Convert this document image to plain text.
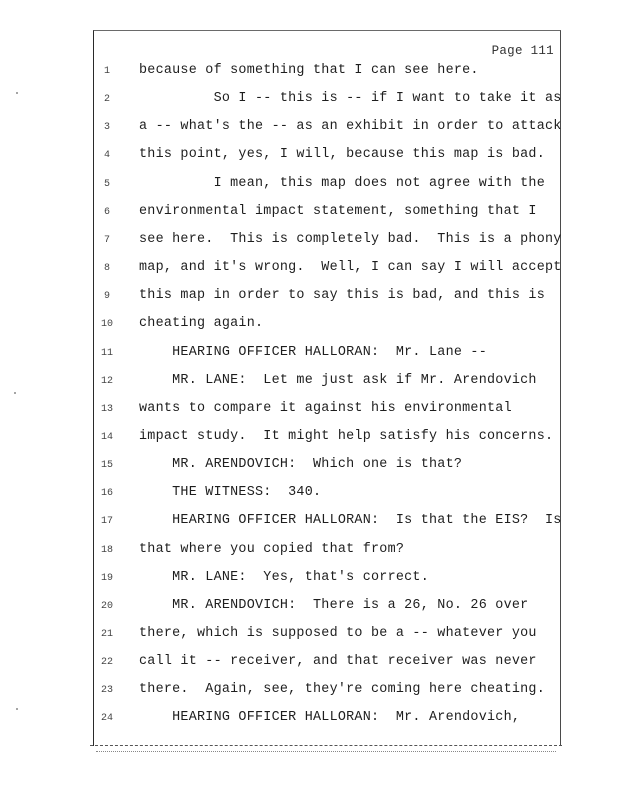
Page 111
1	because of something that I can see here.
2	So I -- this is -- if I want to take it as
3	a -- what's the -- as an exhibit in order to attack
4	this point, yes, I will, because this map is bad.
5	I mean, this map does not agree with the
6	environmental impact statement, something that I
7	see here.  This is completely bad.  This is a phony
8	map, and it's wrong.  Well, I can say I will accept
9	this map in order to say this is bad, and this is
10	cheating again.
11	HEARING OFFICER HALLORAN:  Mr. Lane --
12	MR. LANE:  Let me just ask if Mr. Arendovich
13	wants to compare it against his environmental
14	impact study.  It might help satisfy his concerns.
15	MR. ARENDOVICH:  Which one is that?
16	THE WITNESS:  340.
17	HEARING OFFICER HALLORAN:  Is that the EIS?  Is
18	that where you copied that from?
19	MR. LANE:  Yes, that's correct.
20	MR. ARENDOVICH:  There is a 26, No. 26 over
21	there, which is supposed to be a -- whatever you
22	call it -- receiver, and that receiver was never
23	there.  Again, see, they're coming here cheating.
24	HEARING OFFICER HALLORAN:  Mr. Arendovich,
